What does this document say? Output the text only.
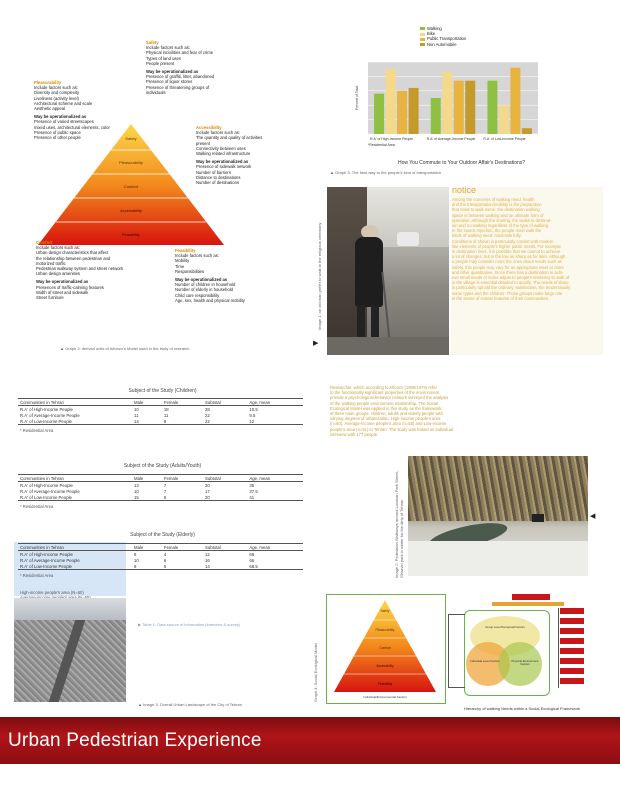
Safety
Include factors such as:
Physical incivilities and fear of crime
Types of land uses
People present
Way be operationalized as
Presence of graffiti, litter, abandoned
Presence of liquor stores
Presence of threatening groups of
individuals
Pleasurability
Include factors such as:
Diversity and complexity
Liveliness (activity level)
Architectural scheme and scale
Aesthetic appeal
Way be operationalized as
Presence of varied streetscapes
mixed uses, architectural elements, color
Presence of public space
Presence of other people
Accessibility
Include factors such as:
The quantity and quality of activities
present
Connectivity between uses
Walking related infrastructure
Way be operationalized as
Presence of sidewalk network
Number of barriers
Distance to destinations
Number of destinations
Safety
Pleasurability
Comfort
Accessibility
Feasibility
Comfort
Include factors such as:
Urban design characteristics that affect
the relationship between pedestrian and
motorized traffic
Pedestrian walkway system and street network
Urban design amenities
Way be operationalized as
Presences of traffic-calming features
Width of street and sidewalk
Street furniture
Feasibility
Include factors such as:
Mobility
Time
Responsibilities
Way be operationalized as
Number of children in household
Number of elderly in household
Child care responsibility
Age, sex, health and physical mobility
▲ Graph 2: derived units of Alfonzo's Model used in the body of research
Walking
Bike
Public Transportation
Non Automobile
Percent of Total
R.A' of High-Income People	R.A' of Average-Income People R.A' of Low-Income People
*Residential Area
How You Commute to Your Outdoor Affair's Destinations?
▲ Graph 3: The best way to the people's kind of transportation
Image 1: an old man prefer to walk to the religious ceremony
▶
notice
Among the concerns of walking need, health
and the transportation/mobility is the preparation
that need to walk some: the destination walking
space is between walking and an ultimate form of
operation. Although the sharing, the walks to destinat-
ion and no walking regardless of the type of walking.
In the lowest rejection, the people most walk the
kinds of walking need: moderate fully.
Conditions of shown is particularly consist with modern
like elements of people's higher public needs. For example
in destination lines, it is possible that we cannot to achieve
a lot of changes, but in the low on sharp as for later. Although
a people may consider more the ones about needs such as
safety, this people may vary for an appropriate meet or more
and other quantitative. Since there has a destination to achi-
eve small needs or some adjust to people's tendency to walk of
in the village is essential detailed to qualify. The needs of those
is particularly uphold the ordinary, satisfaction, the tendentiously
some types and the children. Those groups make large role
in the sense of certain features of their communities.
Subject of the Study (Children)
Communities in Tehran	Male	Female	Subtotal	Age, mean
R.A' of High-Income People	10	18	28	10.5
R.A' of Average-Income People	11	11	22	9.5
R.A' of Low-Income People	14	8	22	12
* Residential Area
Subject of the Study (Adults/Youth)
Communities in Tehran	Male	Female	Subtotal	Age, mean
R.A' of High-Income People	13	7	20	35
R.A' of Average-Income People	10	7	17	37.5
R.A' of Low-Income People	15	5	20	41
* Residential Area
Subject of the Study (Elderly)
Communities in Tehran	Male	Female	Subtotal	Age, mean
R.A' of High-Income People	8	4	12	68
R.A' of Average-Income People	10	6	16	66
R.A' of Low-Income People	8	5	14	68.5
* Residential Area
High-income people's area (N=60)
▶ Table 1: Data source of information (interview & survey)
▲ Image 3: Overall Urban Landscape of the City of Tehran
Researcher, which according to Alfonzo (1989/1979) refer
to the functionality significant properties of the environment
provide a psychological-behavior network surveyed the analysis
of the walking people environment relationship. The Social
Ecological Model was applied in this study as the framework
of three main groups: children, adults and elderly people with
varying degrees of urbanization. High-income people's area
(n=60), Average-income people's area (n=55) and Low-income
people's area (n=51) in Tehran. The study was based on individual
interview with 177 people.
Image 2: Pedestrian Walkways around Lavasan Park Street, Ghazvin park in winter for the dirty of Tehran	◀
Graph 4: Social Ecological Model
Safety
Pleasurability
Comfort
Accessibility
Feasibility
Individual/Environmental Factors
Group Level Perceptual Factors
Individual Level Factors	Physical Environment Factors
Hierarchy of walking Needs within a Social-Ecological Framework
Urban Pedestrian Experience
